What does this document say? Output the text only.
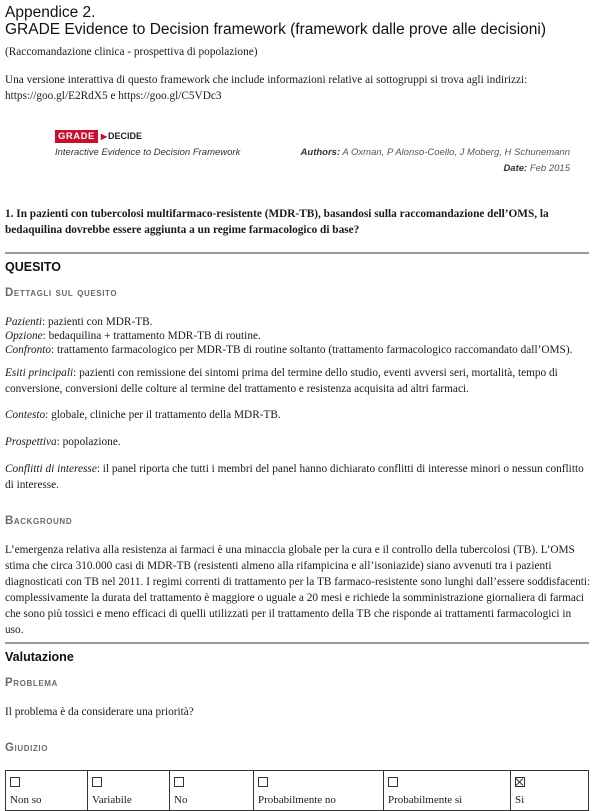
Appendice 2.
GRADE Evidence to Decision framework (framework dalle prove alle decisioni)
(Raccomandazione clinica - prospettiva di popolazione)
Una versione interattiva di questo framework che include informazioni relative ai sottogruppi si trova agli indirizzi: https://goo.gl/E2RdX5 e https://goo.gl/C5VDc3
GRADE ▶DECIDE
Interactive Evidence to Decision Framework	Authors: A Oxman, P Alonso-Coello, J Moberg, H Schunemann
Date: Feb 2015
1. In pazienti con tubercolosi multifarmaco-resistente (MDR-TB), basandosi sulla raccomandazione dell’OMS, la bedaquilina dovrebbe essere aggiunta a un regime farmacologico di base?
QUESITO
Dettagli sul quesito
Pazienti: pazienti con MDR-TB.
Opzione: bedaquilina + trattamento MDR-TB di routine.
Confronto: trattamento farmacologico per MDR-TB di routine soltanto (trattamento farmacologico raccomandato dall’OMS).
Esiti principali: pazienti con remissione dei sintomi prima del termine dello studio, eventi avversi seri, mortalità, tempo di conversione, conversioni delle colture al termine del trattamento e resistenza acquisita ad altri farmaci.
Contesto: globale, cliniche per il trattamento della MDR-TB.
Prospettiva: popolazione.
Conflitti di interesse: il panel riporta che tutti i membri del panel hanno dichiarato conflitti di interesse minori o nessun conflitto di interesse.
Background
L’emergenza relativa alla resistenza ai farmaci è una minaccia globale per la cura e il controllo della tubercolosi (TB). L’OMS stima che circa 310.000 casi di MDR-TB (resistenti almeno alla rifampicina e all’isoniazide) siano avvenuti tra i pazienti diagnosticati con TB nel 2011. I regimi correnti di trattamento per la TB farmaco-resistente sono lunghi dall’essere soddisfacenti: complessivamente la durata del trattamento è maggiore o uguale a 20 mesi e richiede la somministrazione giornaliera di farmaci che sono più tossici e meno efficaci di quelli utilizzati per il trattamento della TB che risponde ai trattamenti farmacologici in uso.
Valutazione
Problema
Il problema è da considerare una priorità?
Giudizio
Non so	Variabile	No	Probabilmente no	Probabilmente sì	Sì
